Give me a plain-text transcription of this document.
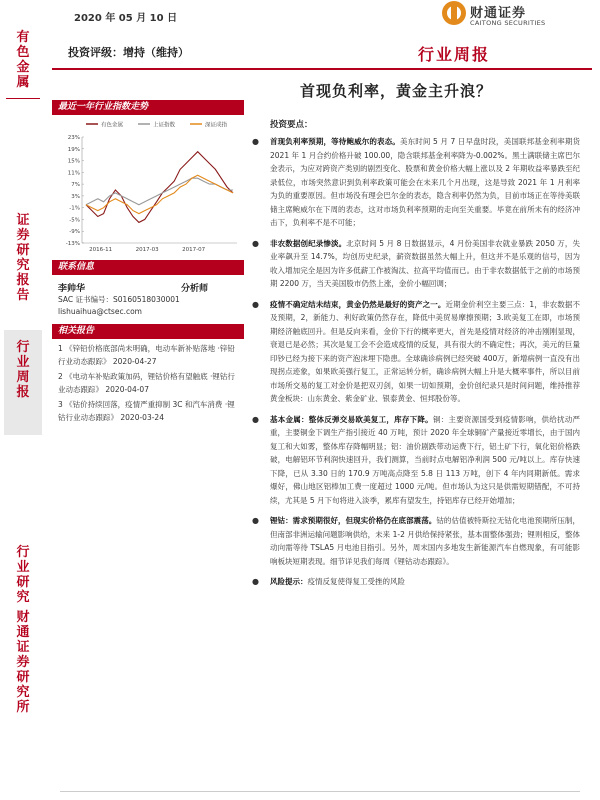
有色金属
证券研究报告
行业周报
行业研究
财通证券研究所
2020 年 05 月 10 日	财通证券
CAITONG SECURITIES
投资评级：增持（维持）	行业周报
首现负利率，黄金主升浪？
最近一年行业指数走势
有色金属	上证指数	深证成指
23%
19%
15%
11%
7%
3%
-1%
-5%
-9%
-13%
2016-11	2017-03	2017-07
联系信息
李帅华	分析师
SAC 证书编号：S0160518030001
lishuaihua@ctsec.com
相关报告
1 《锌铅价格底部尚未明确，电动车新补贴落地 ·锌铅行业动态跟踪》 2020-04-27
2 《电动车补贴政策加码，锂钴价格有望触底 ·锂钴行业动态跟踪》 2020-04-07
3 《钴价持续回落，疫情严重抑制 3C 和汽车消费 ·锂钴行业动态跟踪》 2020-03-24
投资要点：
● 首现负利率预期，等待鲍威尔的表态。美东时间 5 月 7 日早盘时段，美国联邦基金利率期货 2021 年 1 月合约价格升破 100.00，隐含联邦基金利率降为-0.002%。黑土满联储主席巴尔金表示，为应对跨资产类别的剧烈变化、股票和黄金价格大幅上涨以及 2 年期收益率暴跌至纪录低位，市场突然意识到负利率政策可能会在未来几个月出现，这是导致 2021 年 1 月利率为负的重要原因。但市场没有理会巴尔金的表态，隐含利率仍然为负，目前市场正在等待美联储主席鲍威尔在下周的表态，这对市场负利率预期的走向至关重要。毕竟在前所未有的经济冲击下，负利率不是不可能；
● 非农数据创纪录惨淡。北京时间 5 月 8 日数据显示，4 月份美国非农就业暴跌 2050 万，失业率飙升至 14.7%，均创历史纪录，薪资数据虽然大幅上升，但这并不是乐观的信号，因为收入增加完全是因为许多低薪工作被淘汰、拉高平均值而已。由于非农数据低于之前的市场预期 2200 万，当天美国股市仍然上涨，金价小幅回调；
● 疫情不确定结未结束，黄金仍然是最好的资产之一。近期金价利空主要三点：1，非农数据不及预期，2，新能力、利好政策仍然存在，降低中美贸易摩擦预期；3.欧美复工在即，市场预期经济触底回升。但是反向来看，金价下行的概率更大，首先是疫情对经济的冲击刚刚显现，衰退已是必然；其次是复工会不会造成疫情的反复，具有很大的不确定性；再次，美元的巨量印钞已经为接下来的资产泡沫埋下隐患。全球确诊病例已经突破 400万，新增病例一直没有出现拐点迹象，如果欧美强行复工，正常运转分析，确诊病例大幅上升是大概率事件，所以目前市场所交易的复工对金价是把双刃剑，如果一切如预期，金价创纪录只是时间问题，维持推荐黄金板块：山东黄金、紫金矿业、银泰黄金、恒邦股份等。
● 基本金属：整体反弹交易欧美复工，库存下降。铜：主要资源国受到疫情影响，供给扰动严重，主要铜金下调生产指引接近 40 万吨，预计 2020 年全球铜矿产量接近零增长，由于国内复工和大如雾，整体库存降幅明显；铝：油价剧跌带动运费下行，铝土矿下行，氧化铝价格跌破，电解铝环节利润快速回升，我们测算，当前时点电解铝净利润 500 元/吨以上。库存快速下降，已从 3.30 日的 170.9 万吨高点降至 5.8 日 113 万吨，创下 4 年内同期新低。需求爆好，佛山地区铝棒加工费一度超过 1000 元/吨。但市场认为这只是供需短期错配，不可持续，尤其是 5 月下旬将进入淡季，累库有望发生，持铝库存已经开始增加；
● 锂钴：需求预期很好，但现实价格仍在底部震荡。钴的估值被特斯拉无钴化电池预期所压制，但南部非洲运输问题影响供给，未来 1-2 月供给保持紧张，基本面整体强劲；锂则相反，整体动向需等待 TSLA5 月电池目指引。另外，周末国内多地发生新能源汽车自燃现象，有可能影响板块短期表现。细节详见我们每周《锂钴动态跟踪》。
● 风险提示：疫情反复使得复工受挫的风险
